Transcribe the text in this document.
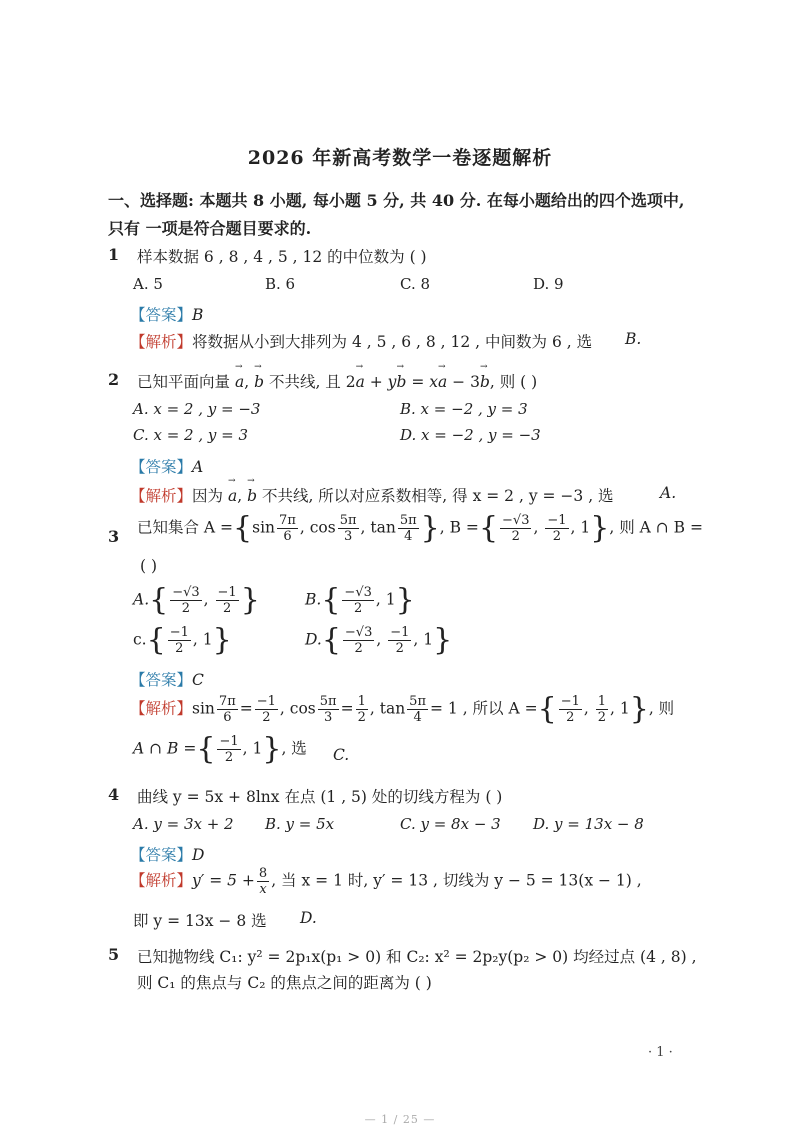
2026 年新高考数学一卷逐题解析
一、选择题: 本题共 8 小题, 每小题 5 分, 共 40 分. 在每小题给出的四个选项中,
只有 一项是符合题目要求的.
1 样本数据 6 , 8 , 4 , 5 , 12 的中位数为 ( )
A. 5	B. 6	C. 8	D. 9
【答案】B
【解析】将数据从小到大排列为 4 , 5 , 6 , 8 , 12 , 中间数为 6 , 选 B.
2 已知平面向量 → a, → b 不共线, 且 2→ a + y→ b = x→ a − 3→ b, 则 ( )
A. x = 2 , y = −3	B. x = −2 , y = 3
C. x = 2 , y = 3	D. x = −2 , y = −3
【答案】A
【解析】因为 → a, → b 不共线, 所以对应系数相等, 得 x = 2 , y = −3 , 选	A.
3 已知集合 $A =\{\sin \frac{7\pi}{6}$ , $\cos \frac{5\pi}{3}$ , $\tan \frac{5\pi}{4}$ }, B ={ $\frac{-√3}{2}$ , $\frac{-1}{2}$ , 1}, 则 A ∩ B =
( )
$A.\{ \frac{-√3}{2}$ , $\frac{-1}{2}$ }	$B.\{ \frac{-√3}{2}$ , 1}
$c.\{ \frac{-1}{2}$ , 1}	$D.\{ \frac{-√3}{2}$ , $\frac{-1}{2}$ , 1}
【答案】C
【解析】$\sin \frac{7\pi}{6} = \frac{-1}{2}$ , $\cos \frac{5\pi}{3} = \frac{1}{2}$ , $\tan \frac{5\pi}{4} = 1$ , 所以 A ={ $\frac{-1}{2}$ , $\frac{1}{2}$ , 1}, 则
A ∩ B ={ $\frac{-1}{2}$ , 1}, 选 C.
4 曲线 y = 5x + 8lnx 在点 (1 , 5) 处的切线方程为 ( )
A. y = 3x + 2 B. y = 5x	C. y = 8x − 3 D. y = 13x − 8
【答案】D
【解析】$y' = 5 + \frac{8}{x}$ , 当 x = 1 时, y′ = 13 , 切线为 y − 5 = 13(x − 1) ,
即 y = 13x − 8 选 D.
5 已知抛物线 C₁: y² = 2p₁x(p₁ > 0) 和 C₂: x² = 2p₂y(p₂ > 0) 均经过点 (4 , 8) ,
则 C₁ 的焦点与 C₂ 的焦点之间的距离为 ( )
· 1 ·
— 1 / 25 —
